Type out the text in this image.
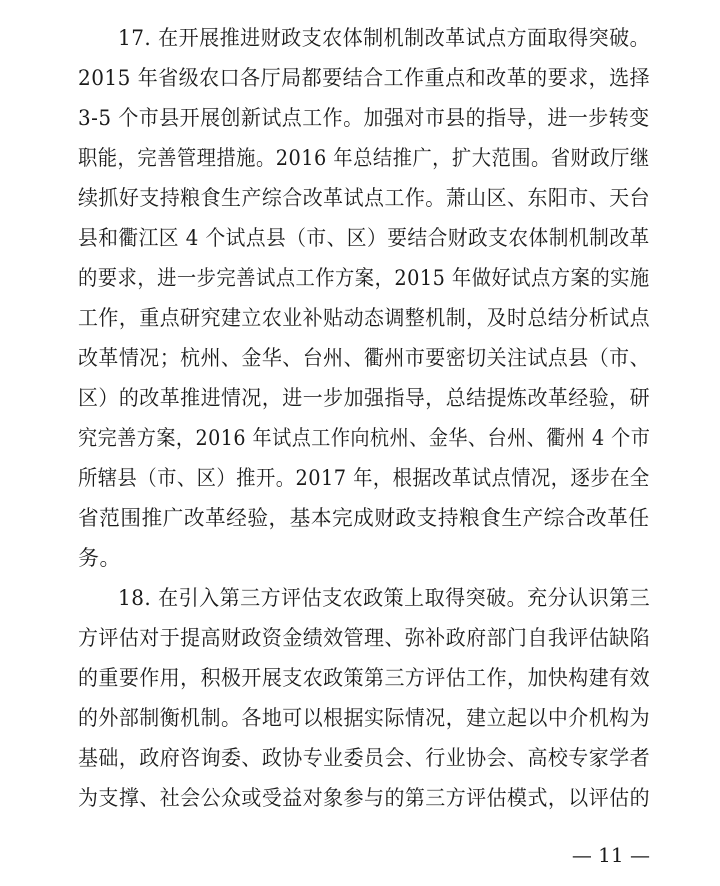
17. 在开展推进财政支农体制机制改革试点方面取得突破。
2015 年省级农口各厅局都要结合工作重点和改革的要求，选择
3-5 个市县开展创新试点工作。加强对市县的指导，进一步转变
职能，完善管理措施。2016 年总结推广，扩大范围。省财政厅继
续抓好支持粮食生产综合改革试点工作。萧山区、东阳市、天台
县和衢江区 4 个试点县（市、区）要结合财政支农体制机制改革
的要求，进一步完善试点工作方案，2015 年做好试点方案的实施
工作，重点研究建立农业补贴动态调整机制，及时总结分析试点
改革情况；杭州、金华、台州、衢州市要密切关注试点县（市、
区）的改革推进情况，进一步加强指导，总结提炼改革经验，研
究完善方案，2016 年试点工作向杭州、金华、台州、衢州 4 个市
所辖县（市、区）推开。2017 年，根据改革试点情况，逐步在全
省范围推广改革经验，基本完成财政支持粮食生产综合改革任
务。
18. 在引入第三方评估支农政策上取得突破。充分认识第三
方评估对于提高财政资金绩效管理、弥补政府部门自我评估缺陷
的重要作用，积极开展支农政策第三方评估工作，加快构建有效
的外部制衡机制。各地可以根据实际情况，建立起以中介机构为
基础，政府咨询委、政协专业委员会、行业协会、高校专家学者
为支撑、社会公众或受益对象参与的第三方评估模式，以评估的
— 11 —
